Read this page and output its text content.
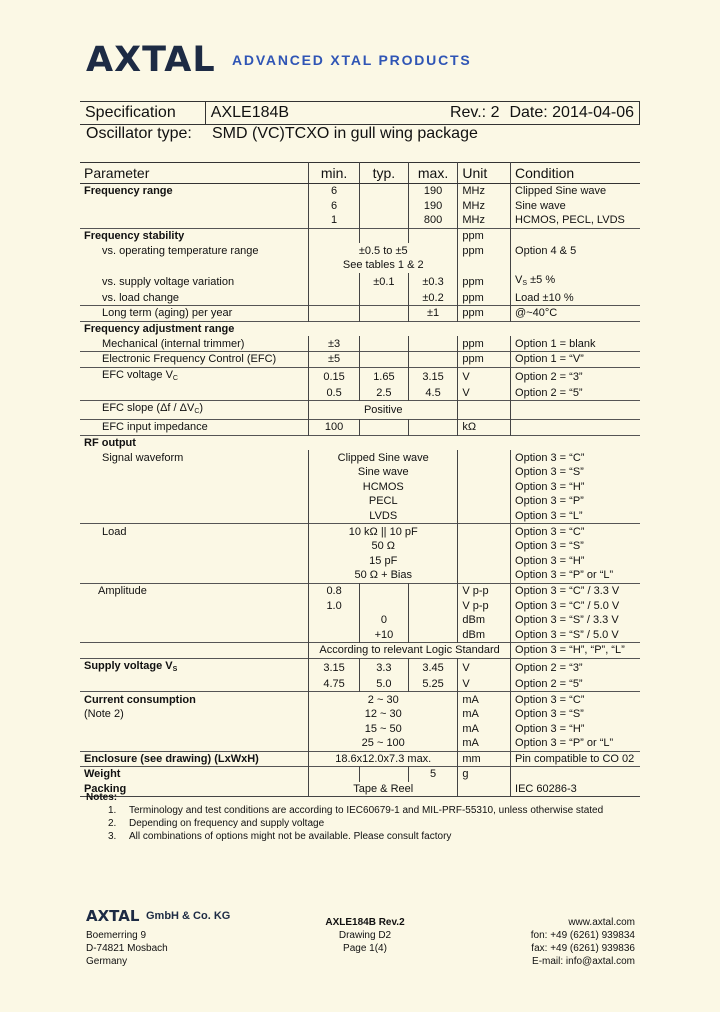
AXTAL ADVANCED XTAL PRODUCTS
Specification	AXLE184B	Rev.: 2	Date: 2014-04-06
Oscillator type: SMD (VC)TCXO in gull wing package
Parameter	min.	typ.	max.	Unit	Condition
Frequency range	6		190	MHz	Clipped Sine wave
	6		190	MHz	Sine wave
	1		800	MHz	HCMOS, PECL, LVDS
Frequency stability				ppm	
vs. operating temperature range	±0.5 to ±5			ppm	Option 4 & 5
	See tables 1 & 2				
vs. supply voltage variation		±0.1	±0.3	ppm	$V_S \pm 5$ %
vs. load change			±0.2	ppm	Load ±10 %
Long term (aging) per year			±1	ppm	@~40°C
Frequency adjustment range					
Mechanical (internal trimmer)	±3			ppm	Option 1 = blank
Electronic Frequency Control (EFC)	±5			ppm	Option 1 = “V”
EFC voltage $V_C$	0.15	1.65	3.15	V	Option 2 = “3”
	0.5	2.5	4.5	V	Option 2 = “5”
EFC slope $(\Delta f / \Delta V_C)$	Positive				
EFC input impedance	100			kΩ	
RF output					
Signal waveform	Clipped Sine wave				Option 3 = “C”
	Sine wave				Option 3 = “S”
	HCMOS				Option 3 = “H”
	PECL				Option 3 = “P”
	LVDS				Option 3 = “L”
Load	10 kΩ || 10 pF				Option 3 = “C”
	50 Ω				Option 3 = “S”
	15 pF				Option 3 = “H”
	50 Ω + Bias				Option 3 = “P” or “L”
Amplitude	0.8			V p-p	Option 3 = “C” / 3.3 V
	1.0			V p-p	Option 3 = “C” / 5.0 V
		0		dBm	Option 3 = “S” / 3.3 V
		+10		dBm	Option 3 = “S” / 5.0 V
	According to relevant Logic Standard				Option 3 = “H”, “P”, “L”
Supply voltage $V_S$	3.15	3.3	3.45	V	Option 2 = “3”
	4.75	5.0	5.25	V	Option 2 = “5”
Current consumption	2 ~ 30			mA	Option 3 = “C”
(Note 2)	12 ~ 30			mA	Option 3 = “S”
	15 ~ 50			mA	Option 3 = “H”
	25 ~ 100			mA	Option 3 = “P” or “L”
Enclosure (see drawing) (LxWxH)	18.6x12.0x7.3 max.			mm	Pin compatible to CO 02
Weight			5	g	
Packing	Tape & Reel				IEC 60286-3
Notes:
1. Terminology and test conditions are according to IEC60679-1 and MIL-PRF-55310, unless otherwise stated
2. Depending on frequency and supply voltage
3. All combinations of options might not be available. Please consult factory
AXTAL GmbH & Co. KG
Boemerring 9
D-74821 Mosbach
Germany
AXLE184B Rev.2
Drawing D2
Page 1(4)
www.axtal.com
fon: +49 (6261) 939834
fax: +49 (6261) 939836
E-mail: info@axtal.com
